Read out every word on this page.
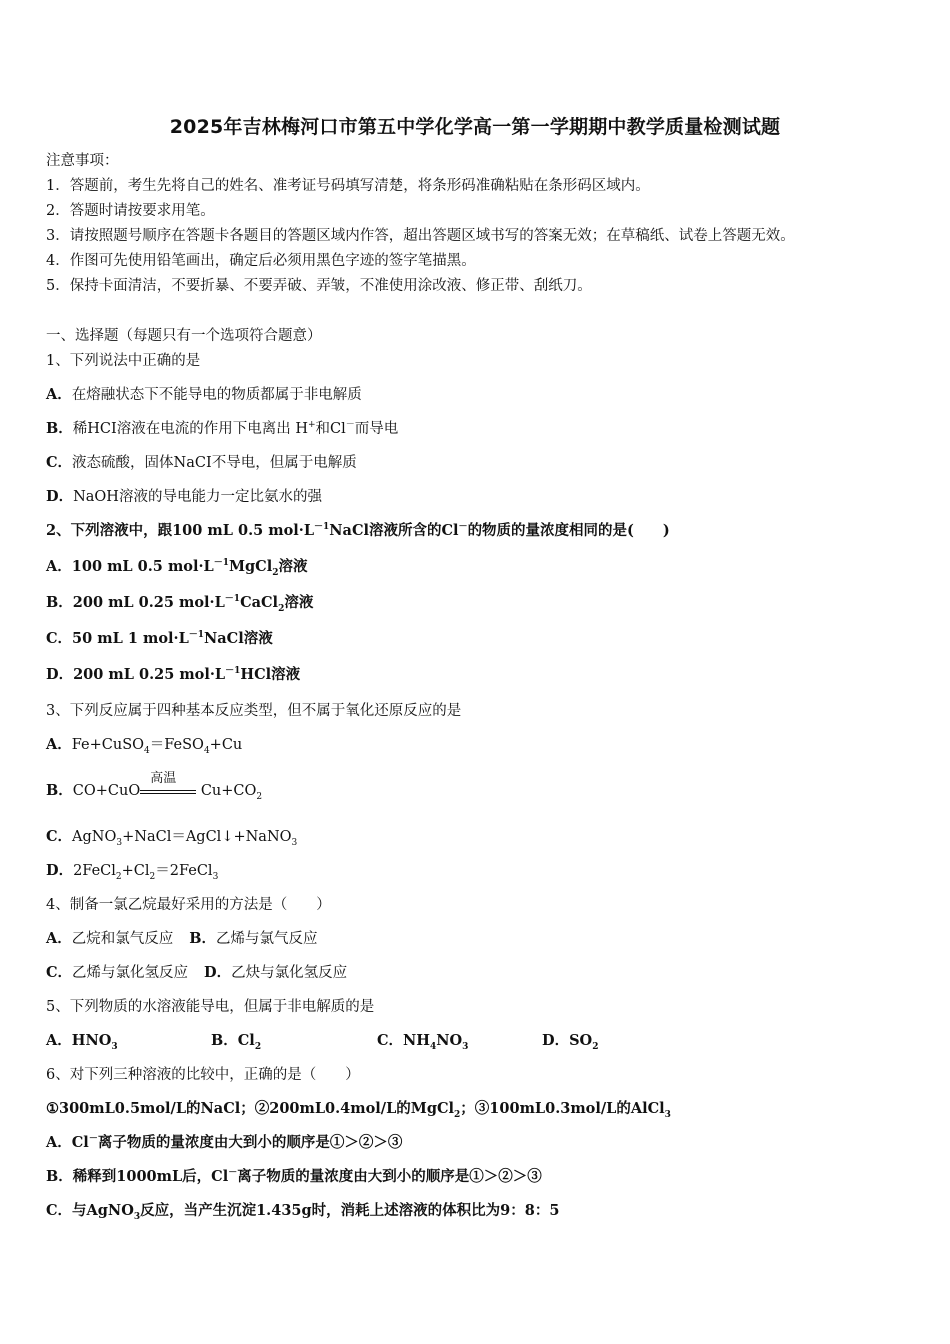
2025年吉林梅河口市第五中学化学高一第一学期期中教学质量检测试题
注意事项：
1．答题前，考生先将自己的姓名、准考证号码填写清楚，将条形码准确粘贴在条形码区域内。
2．答题时请按要求用笔。
3．请按照题号顺序在答题卡各题目的答题区域内作答，超出答题区域书写的答案无效；在草稿纸、试卷上答题无效。
4．作图可先使用铅笔画出，确定后必须用黑色字迹的签字笔描黑。
5．保持卡面清洁，不要折暴、不要弄破、弄皱，不准使用涂改液、修正带、刮纸刀。
一、选择题（每题只有一个选项符合题意）
1、下列说法中正确的是
A．在熔融状态下不能导电的物质都属于非电解质
B．稀HCI溶液在电流的作用下电离出 H+和Cl－而导电
C．液态硫酸，固体NaCI不导电，但属于电解质
D．NaOH溶液的导电能力一定比氨水的强
2、下列溶液中，跟100 mL 0.5 $mol\cdot L^{-1}NaCl$溶液所含的Cl－的物质的量浓度相同的是(　　)
A．100 mL 0.5 $mol\cdot L^{-1}MgCl_2$溶液
B．200 mL 0.25 $mol\cdot L^{-1}CaCl_2$溶液
C．50 mL 1 $mol\cdot L^{-1}NaCl$溶液
D．200 mL 0.25 $mol\cdot L^{-1}HCl$溶液
3、下列反应属于四种基本反应类型，但不属于氧化还原反应的是
A．Fe+CuSO$_4$＝FeSO$_4$+Cu
B．CO+CuO
高温
$Cu+CO_2$
C．AgNO$_3$+NaCl＝AgCl↓+NaNO$_3$
D．$2FeCl_2+Cl_2=2FeCl_3$
4、制备一氯乙烷最好采用的方法是（　　）
A．乙烷和氯气反应 B．乙烯与氯气反应
C．乙烯与氯化氢反应 D．乙炔与氯化氢反应
5、下列物质的水溶液能导电，但属于非电解质的是
A．$HNO_3$	B．$Cl_2$	C．$NH_4NO_3$	D．$SO_2$
6、对下列三种溶液的比较中，正确的是（　　）
①300mL0.5mol/L的NaCl；②200mL0.4mol/L的MgCl$_2$；③100mL0.3mol/L的AlCl$_3$
A．Cl－离子物质的量浓度由大到小的顺序是①＞②＞③
B．稀释到1000mL后，Cl－离子物质的量浓度由大到小的顺序是①＞②＞③
C．与AgNO$_3$反应，当产生沉淀1.435g时，消耗上述溶液的体积比为9：8：5
